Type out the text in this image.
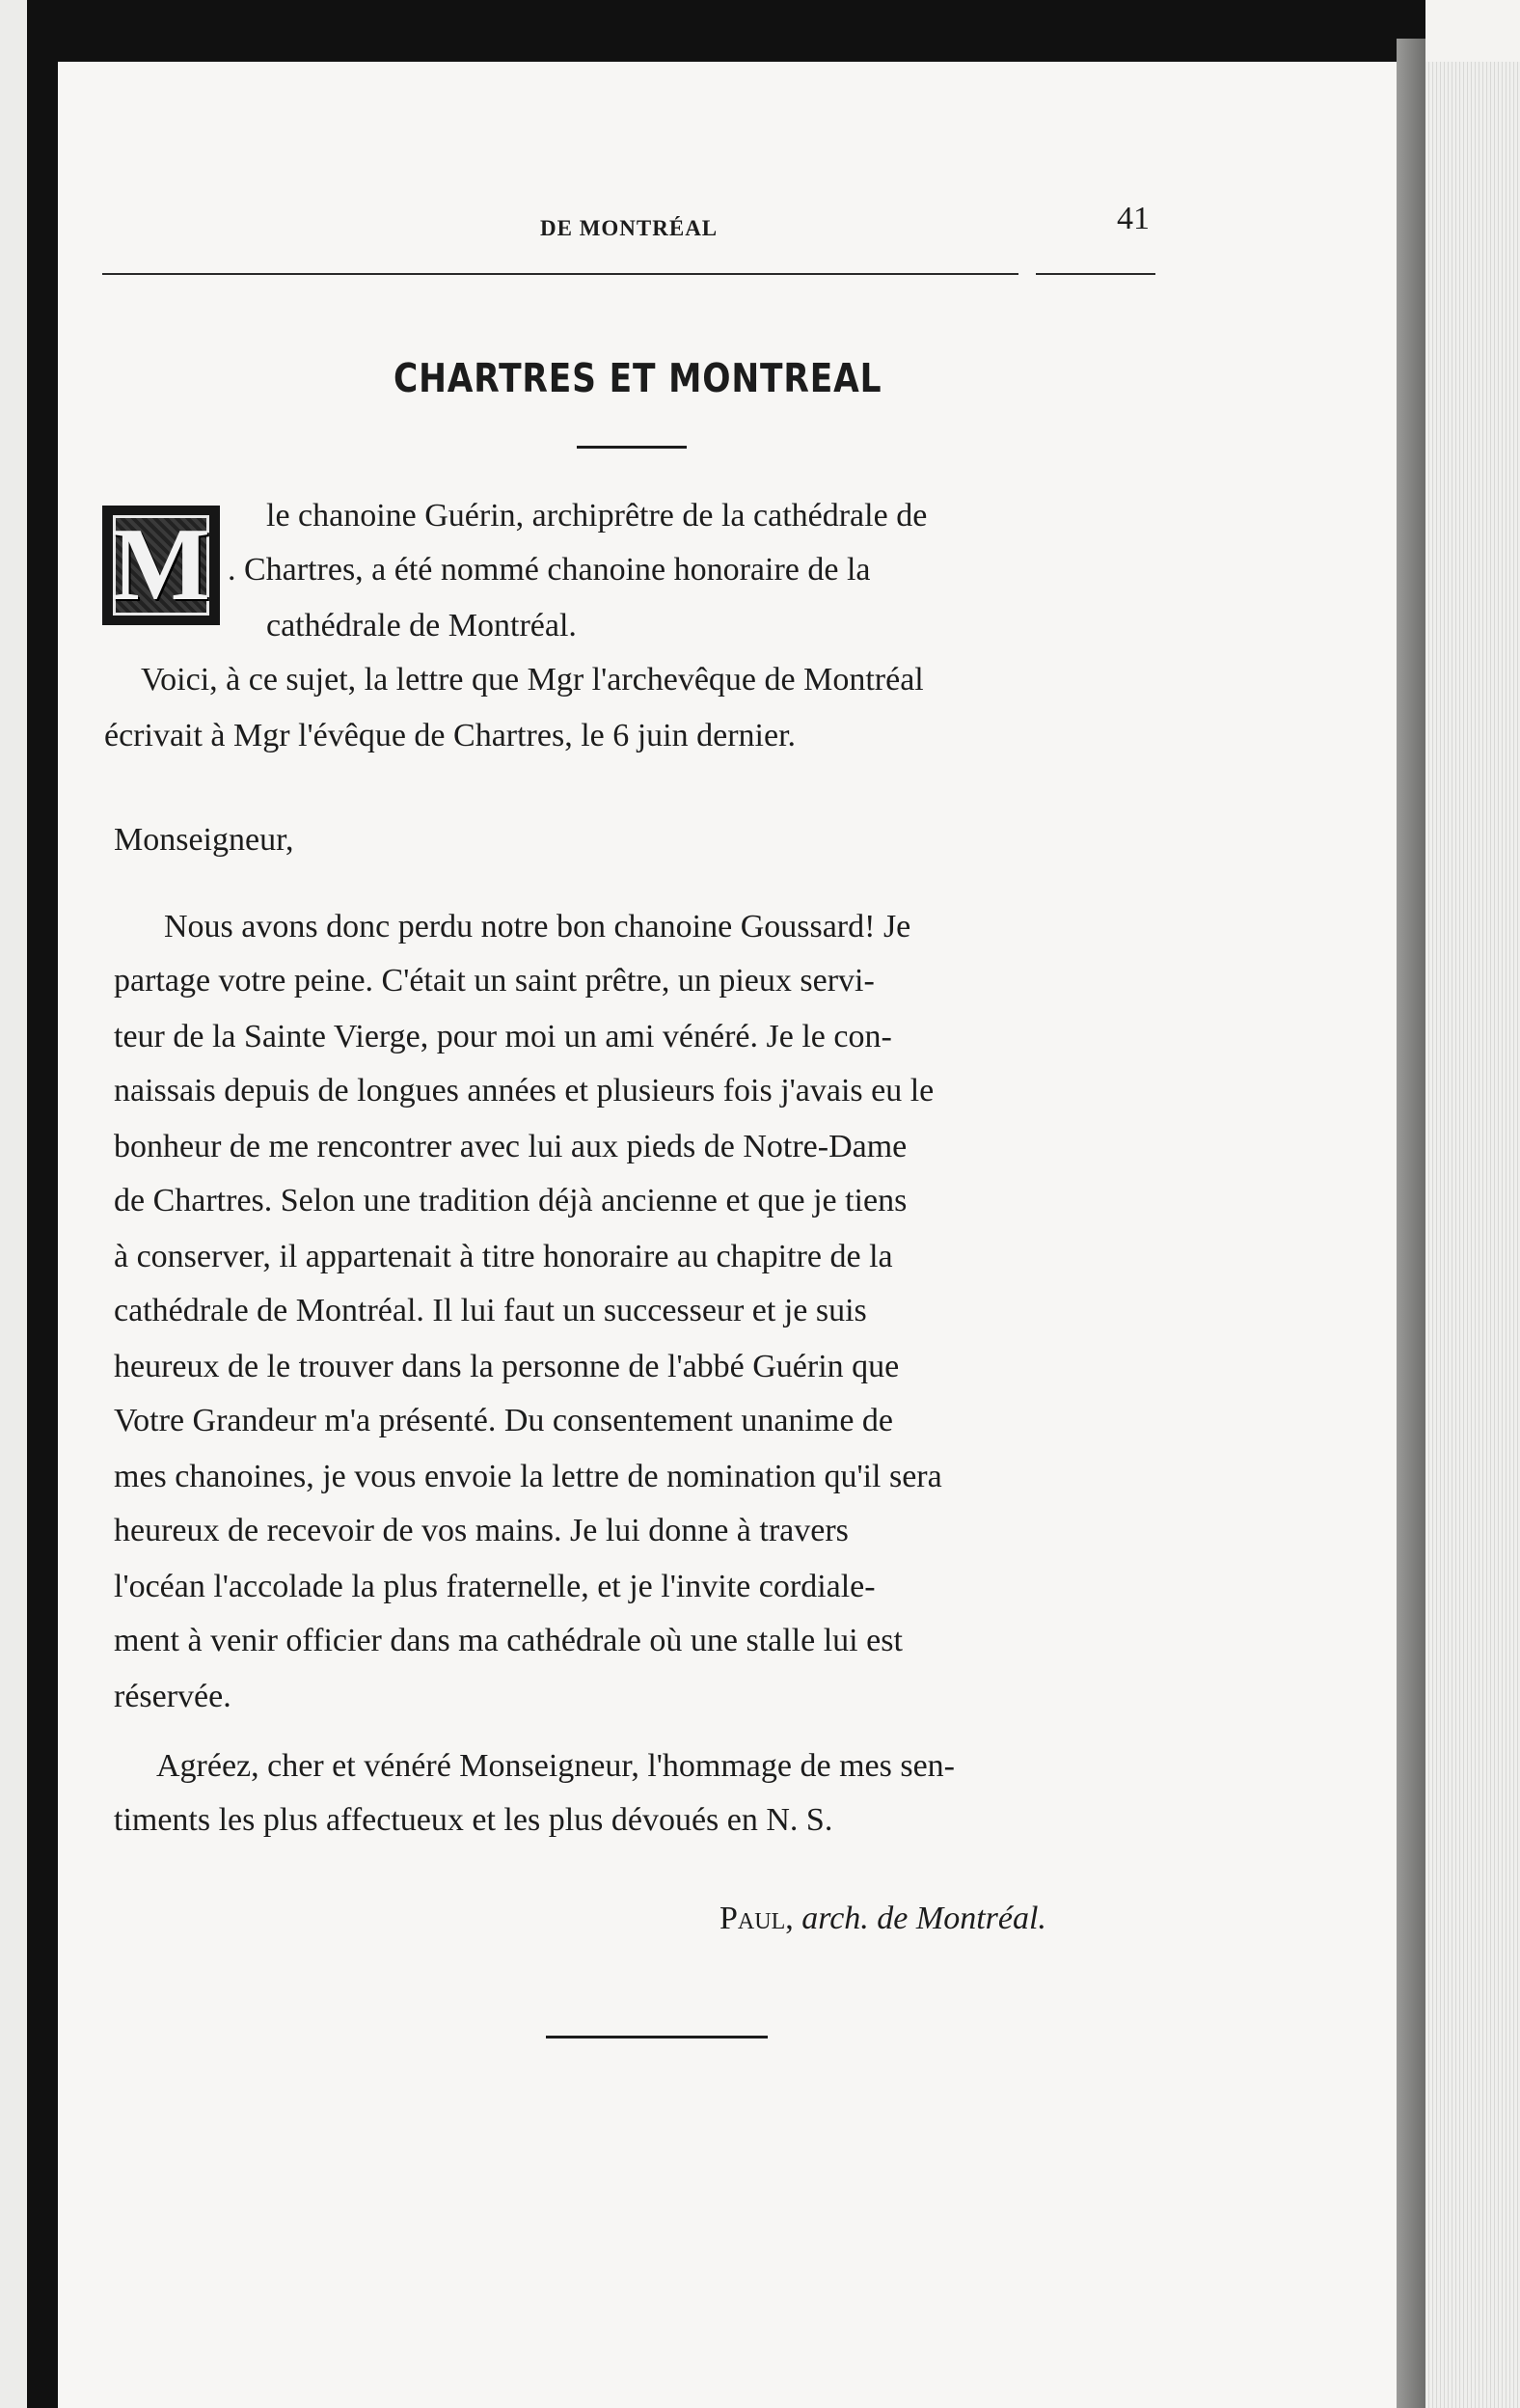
DE MONTRÉAL	41
CHARTRES ET MONTREAL
M le chanoine Guérin, archiprêtre de la cathédrale de
. Chartres, a été nommé chanoine honoraire de la
cathédrale de Montréal.
Voici, à ce sujet, la lettre que Mgr l'archevêque de Montréal
écrivait à Mgr l'évêque de Chartres, le 6 juin dernier.
Monseigneur,
Nous avons donc perdu notre bon chanoine Goussard! Je
partage votre peine. C'était un saint prêtre, un pieux servi-
teur de la Sainte Vierge, pour moi un ami vénéré. Je le con-
naissais depuis de longues années et plusieurs fois j'avais eu le
bonheur de me rencontrer avec lui aux pieds de Notre-Dame
de Chartres. Selon une tradition déjà ancienne et que je tiens
à conserver, il appartenait à titre honoraire au chapitre de la
cathédrale de Montréal. Il lui faut un successeur et je suis
heureux de le trouver dans la personne de l'abbé Guérin que
Votre Grandeur m'a présenté. Du consentement unanime de
mes chanoines, je vous envoie la lettre de nomination qu'il sera
heureux de recevoir de vos mains. Je lui donne à travers
l'océan l'accolade la plus fraternelle, et je l'invite cordiale-
ment à venir officier dans ma cathédrale où une stalle lui est
réservée.
Agréez, cher et vénéré Monseigneur, l'hommage de mes sen-
timents les plus affectueux et les plus dévoués en N. S.
Paul, arch. de Montréal.
